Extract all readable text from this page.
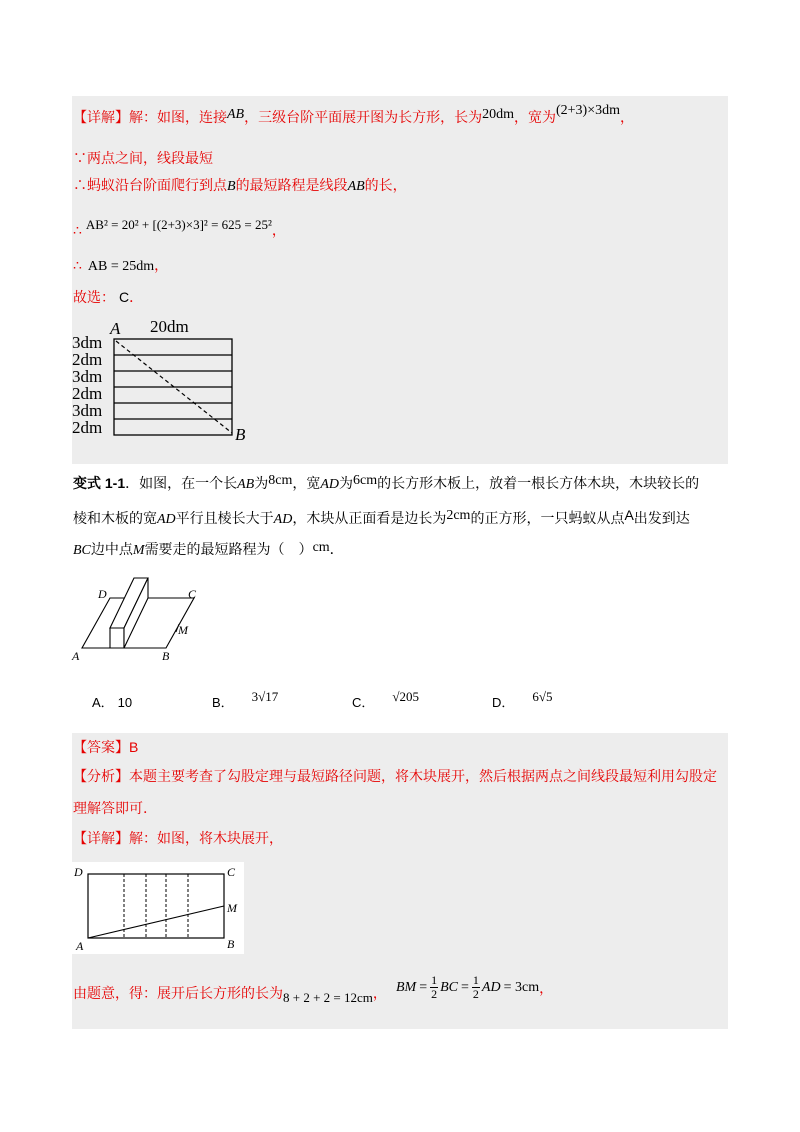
【详解】解：如图，连接AB，三级台阶平面展开图为长方形，长为20dm，宽为(2+3)×3dm，
∵两点之间，线段最短
∴蚂蚁沿台阶面爬行到点B的最短路程是线段AB的长，
∴ AB² = 20² + [(2+3)×3]² = 625 = 25²，
∴ AB = 25dm，
故选： C．
20dm
A
B
3dm
2dm
3dm
2dm
3dm
2dm
变式 1-1．如图，在一个长AB为8cm，宽AD为6cm的长方形木板上，放着一根长方体木块，木块较长的
棱和木板的宽AD平行且棱长大于AD，木块从正面看是边长为2cm的正方形，一只蚂蚁从点A出发到达
BC边中点M需要走的最短路程为（　）cm．
D	C
A	B
M
A． 10	B． 3√17	C． √205	D． 6√5
【答案】B
【分析】本题主要考查了勾股定理与最短路径问题，将木块展开，然后根据两点之间线段最短利用勾股定
理解答即可.
【详解】解：如图，将木块展开，
D	C
A	B
M
由题意，得：展开后长方形的长为8 + 2 + 2 = 12cm， BM = $\frac{1}{2}$ BC = $\frac{1}{2}$ AD = 3cm ，
